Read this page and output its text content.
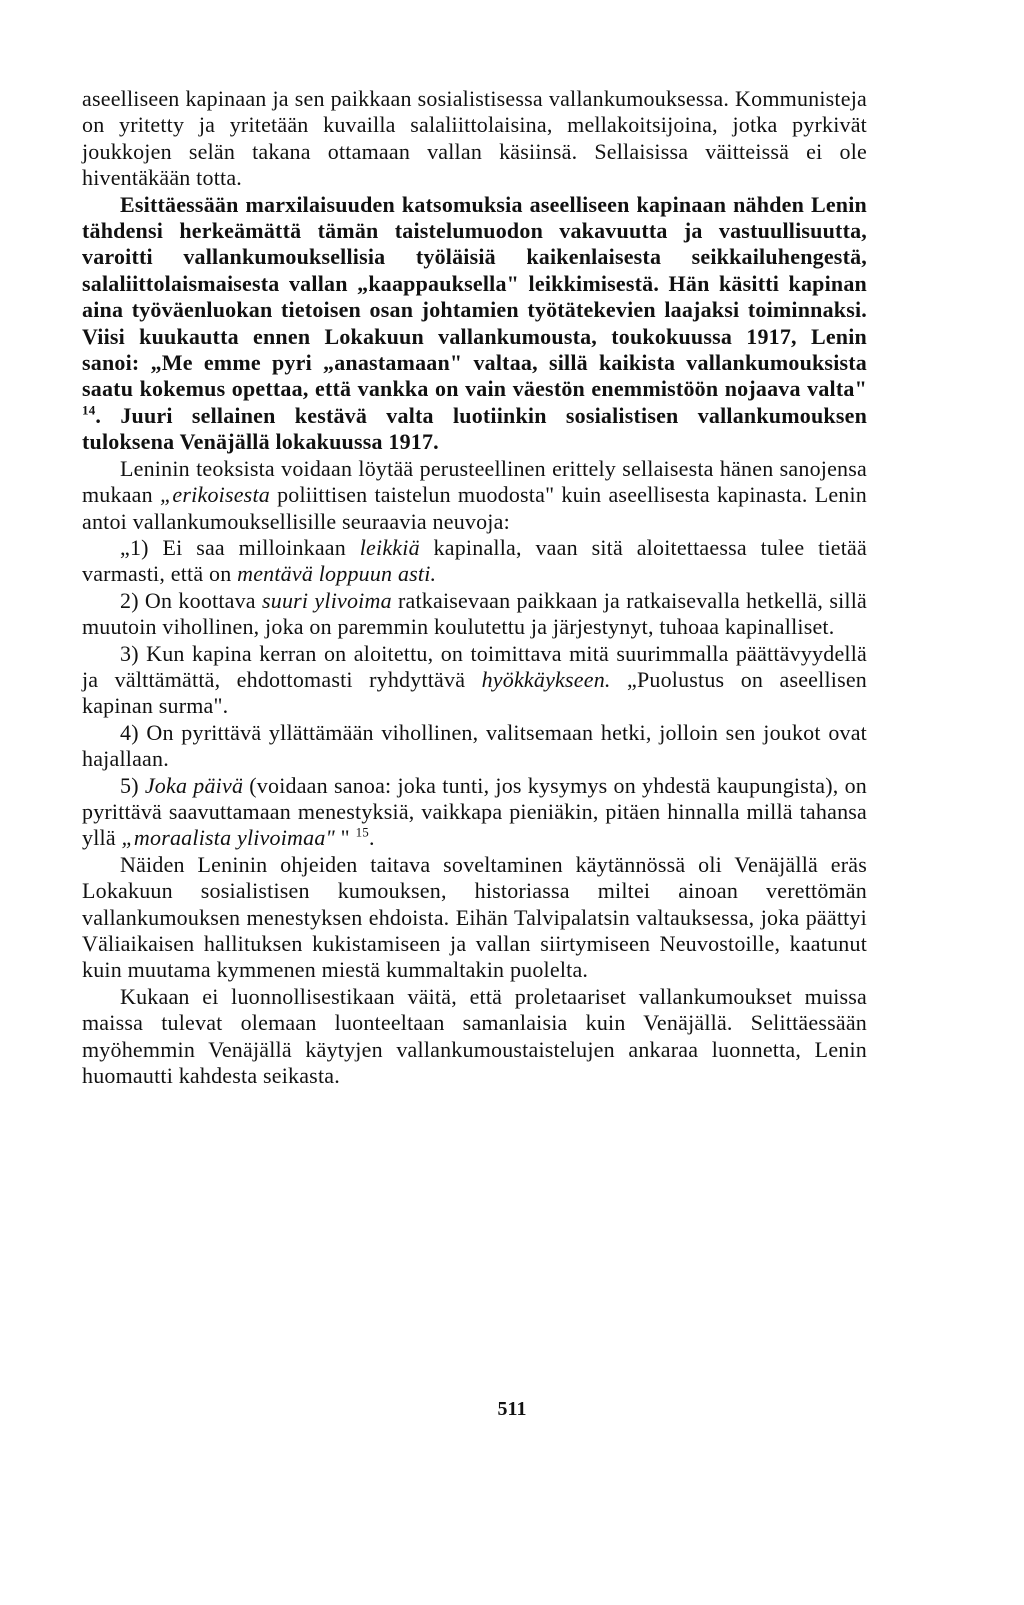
aseelliseen kapinaan ja sen paikkaan sosialistisessa vallankumouksessa. Kommunisteja on yritetty ja yritetään kuvailla salaliittolaisina, mellakoitsijoina, jotka pyrkivät joukkojen selän takana ottamaan vallan käsiinsä. Sellaisissa väitteissä ei ole hiventäkään totta.

Esittäessään marxilaisuuden katsomuksia aseelliseen kapinaan nähden Lenin tähdensi herkeämättä tämän taistelumuodon vakavuutta ja vastuullisuutta, varoitti vallankumouksellisia työläisiä kaikenlaisesta seikkailuhengestä, salaliittolaismaisesta vallan „kaappauksella" leikkimisestä. Hän käsitti kapinan aina työväenluokan tietoisen osan johtamien työtätekevien laajaksi toiminnaksi. Viisi kuukautta ennen Lokakuun vallankumousta, toukokuussa 1917, Lenin sanoi: „Me emme pyri „anastamaan" valtaa, sillä kaikista vallankumouksista saatu kokemus opettaa, että vankka on vain väestön enemmistöön nojaava valta" $^{14}$. Juuri sellainen kestävä valta luotiinkin sosialistisen vallankumouksen tuloksena Venäjällä lokakuussa 1917.

Leninin teoksista voidaan löytää perusteellinen erittely sellaisesta hänen sanojensa mukaan „erikoisesta poliittisen taistelun muodosta" kuin aseellisesta kapinasta. Lenin antoi vallankumouksellisille seuraavia neuvoja:

„1) Ei saa milloinkaan leikkiä kapinalla, vaan sitä aloitettaessa tulee tietää varmasti, että on mentävä loppuun asti.

2) On koottava suuri ylivoima ratkaisevaan paikkaan ja ratkaisevalla hetkellä, sillä muutoin vihollinen, joka on paremmin koulutettu ja järjestynyt, tuhoaa kapinalliset.

3) Kun kapina kerran on aloitettu, on toimittava mitä suurimmalla päättävyydellä ja välttämättä, ehdottomasti ryhdyttävä hyökkäykseen. „Puolustus on aseellisen kapinan surma".

4) On pyrittävä yllättämään vihollinen, valitsemaan hetki, jolloin sen joukot ovat hajallaan.

5) Joka päivä (voidaan sanoa: joka tunti, jos kysymys on yhdestä kaupungista), on pyrittävä saavuttamaan menestyksiä, vaikkapa pieniäkin, pitäen hinnalla millä tahansa yllä „moraalista ylivoimaa" " $^{15}$.

Näiden Leninin ohjeiden taitava soveltaminen käytännössä oli Venäjällä eräs Lokakuun sosialistisen kumouksen, historiassa miltei ainoan verettömän vallankumouksen menestyksen ehdoista. Eihän Talvipalatsin valtauksessa, joka päättyi Väliaikaisen hallituksen kukistamiseen ja vallan siirtymiseen Neuvostoille, kaatunut kuin muutama kymmenen miestä kummaltakin puolelta.

Kukaan ei luonnollisestikaan väitä, että proletaariset vallankumoukset muissa maissa tulevat olemaan luonteeltaan samanlaisia kuin Venäjällä. Selittäessään myöhemmin Venäjällä käytyjen vallankumoustaistelujen ankaraa luonnetta, Lenin huomautti kahdesta seikasta.

511
